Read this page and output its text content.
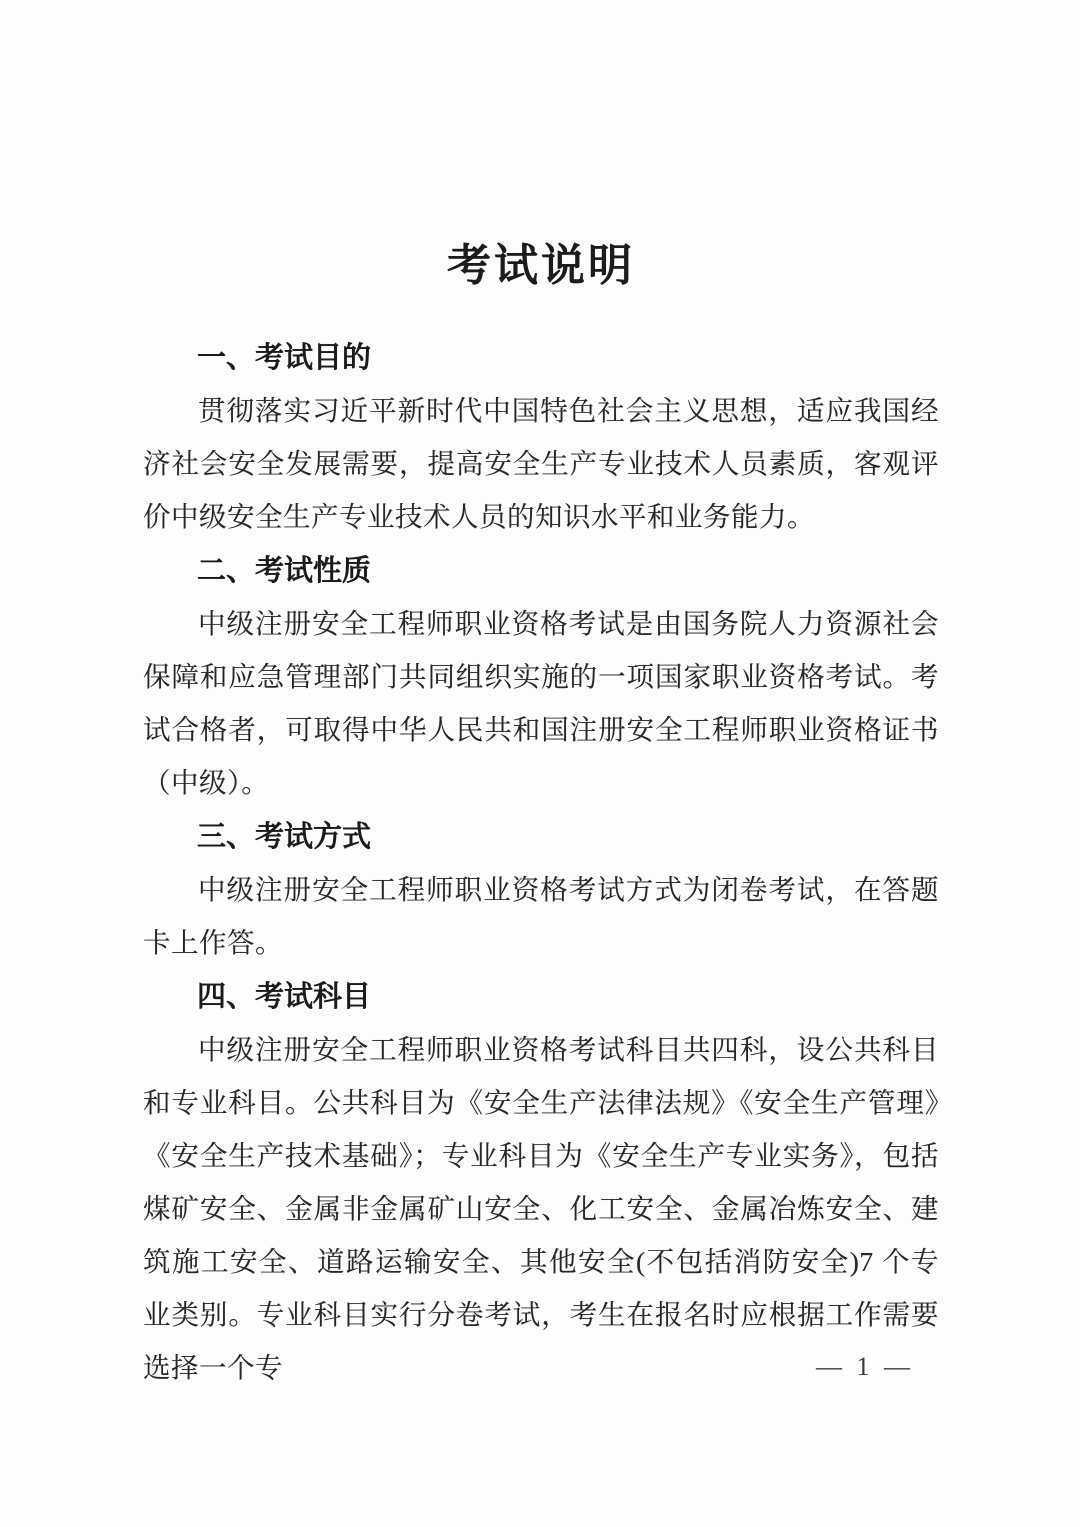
考试说明

一、考试目的

贯彻落实习近平新时代中国特色社会主义思想，适应我国经济社会安全发展需要，提高安全生产专业技术人员素质，客观评价中级安全生产专业技术人员的知识水平和业务能力。

二、考试性质

中级注册安全工程师职业资格考试是由国务院人力资源社会保障和应急管理部门共同组织实施的一项国家职业资格考试。考试合格者，可取得中华人民共和国注册安全工程师职业资格证书（中级）。

三、考试方式

中级注册安全工程师职业资格考试方式为闭卷考试，在答题卡上作答。

四、考试科目

中级注册安全工程师职业资格考试科目共四科，设公共科目和专业科目。公共科目为《安全生产法律法规》《安全生产管理》《安全生产技术基础》；专业科目为《安全生产专业实务》，包括煤矿安全、金属非金属矿山安全、化工安全、金属冶炼安全、建筑施工安全、道路运输安全、其他安全(不包括消防安全)7 个专业类别。专业科目实行分卷考试，考生在报名时应根据工作需要选择一个专	— 1 —
